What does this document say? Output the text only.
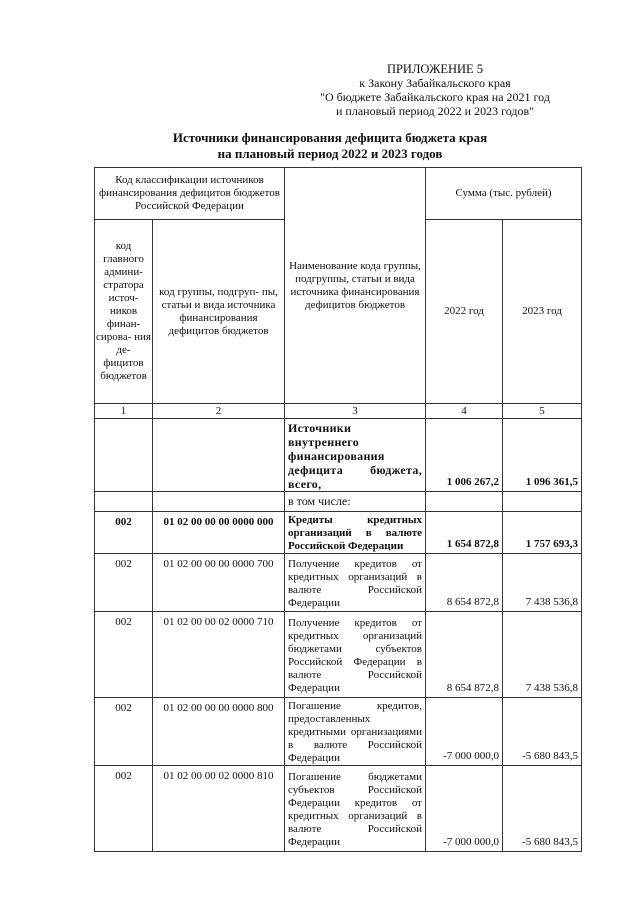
ПРИЛОЖЕНИЕ 5
к Закону Забайкальского края
"О бюджете Забайкальского края на 2021 год
и плановый период 2022 и 2023 годов"
Источники финансирования дефицита бюджета края
на плановый период 2022 и 2023 годов
Код классификации источников финансирования дефицитов бюджетов Российской Федерации		Наименование кода группы, подгруппы, статьи и вида источника финансирования дефицитов бюджетов	Сумма (тыс. рублей)	
код главного админи- стратора источ- ников финан- сирова- ния де- фицитов бюджетов	код группы, подгруп- пы, статьи и вида источника финансирования дефицитов бюджетов		2022 год	2023 год
1	2	3	4	5
		Источники внутреннего финансирования дефицита бюджета, всего,	1 006 267,2	1 096 361,5
		в том числе:		
002	01 02 00 00 00 0000 000	Кредиты кредитных организаций в валюте Российской Федерации	1 654 872,8	1 757 693,3
002	01 02 00 00 00 0000 700	Получение кредитов от кредитных организаций в валюте Российской Федерации	8 654 872,8	7 438 536,8
002	01 02 00 00 02 0000 710	Получение кредитов от кредитных организаций бюджетами субъектов Российской Федерации в валюте Российской Федерации	8 654 872,8	7 438 536,8
002	01 02 00 00 00 0000 800	Погашение кредитов, предоставленных кредитными организациями в валюте Российской Федерации	-7 000 000,0	-5 680 843,5
002	01 02 00 00 02 0000 810	Погашение бюджетами субъектов Российской Федерации кредитов от кредитных организаций в валюте Российской Федерации	-7 000 000,0	-5 680 843,5
